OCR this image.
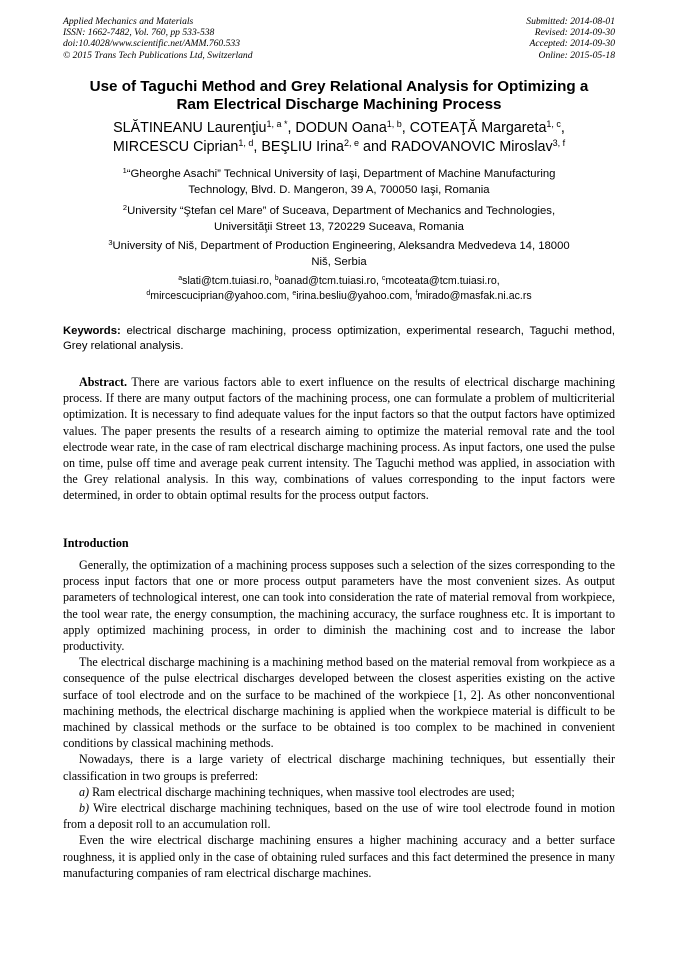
Applied Mechanics and Materials
ISSN: 1662-7482, Vol. 760, pp 533-538
doi:10.4028/www.scientific.net/AMM.760.533
© 2015 Trans Tech Publications Ltd, Switzerland
Submitted: 2014-08-01
Revised: 2014-09-30
Accepted: 2014-09-30
Online: 2015-05-18
Use of Taguchi Method and Grey Relational Analysis for Optimizing a
Ram Electrical Discharge Machining Process
SLĂTINEANU Laurenţiu$^{1, a *}$, DODUN Oana$^{1, b}$, COTEAŢĂ Margareta$^{1, c}$,
MIRCESCU Ciprian$^{1, d}$, BEŞLIU Irina$^{2, e}$ and RADOVANOVIC Miroslav$^{3, f}$
$^1$“Gheorghe Asachi” Technical University of Iaşi, Department of Machine Manufacturing
Technology, Blvd. D. Mangeron, 39 A, 700050 Iaşi, Romania
$^2$University “Ştefan cel Mare” of Suceava, Department of Mechanics and Technologies,
Universităţii Street 13, 720229 Suceava, Romania
$^3$University of Niš, Department of Production Engineering, Aleksandra Medvedeva 14, 18000
Niš, Serbia
$^a$slati@tcm.tuiasi.ro, $^b$oanad@tcm.tuiasi.ro, $^c$mcoteata@tcm.tuiasi.ro,
$^d$mircescuciprian@yahoo.com, $^e$irina.besliu@yahoo.com, $^f$mirado@masfak.ni.ac.rs
Keywords: electrical discharge machining, process optimization, experimental research, Taguchi method, Grey relational analysis.

Abstract. There are various factors able to exert influence on the results of electrical discharge machining process. If there are many output factors of the machining process, one can formulate a problem of multicriterial optimization. It is necessary to find adequate values for the input factors so that the output factors have optimized values. The paper presents the results of a research aiming to optimize the material removal rate and the tool electrode wear rate, in the case of ram electrical discharge machining process. As input factors, one used the pulse on time, pulse off time and average peak current intensity. The Taguchi method was applied, in association with the Grey relational analysis. In this way, combinations of values corresponding to the input factors were determined, in order to obtain optimal results for the process output factors.

Introduction

Generally, the optimization of a machining process supposes such a selection of the sizes corresponding to the process input factors that one or more process output parameters have the most convenient sizes. As output parameters of technological interest, one can took into consideration the rate of material removal from workpiece, the tool wear rate, the energy consumption, the machining accuracy, the surface roughness etc. It is important to apply optimized machining process, in order to diminish the machining cost and to increase the labor productivity.

The electrical discharge machining is a machining method based on the material removal from workpiece as a consequence of the pulse electrical discharges developed between the closest asperities existing on the active surface of tool electrode and on the surface to be machined of the workpiece [1, 2]. As other nonconventional machining methods, the electrical discharge machining is applied when the workpiece material is difficult to be machined by classical methods or the surface to be obtained is too complex to be machined in convenient conditions by classical machining methods.

Nowadays, there is a large variety of electrical discharge machining techniques, but essentially their classification in two groups is preferred:

a) Ram electrical discharge machining techniques, when massive tool electrodes are used;

b) Wire electrical discharge machining techniques, based on the use of wire tool electrode found in motion from a deposit roll to an accumulation roll.

Even the wire electrical discharge machining ensures a higher machining accuracy and a better surface roughness, it is applied only in the case of obtaining ruled surfaces and this fact determined the presence in many manufacturing companies of ram electrical discharge machines.
